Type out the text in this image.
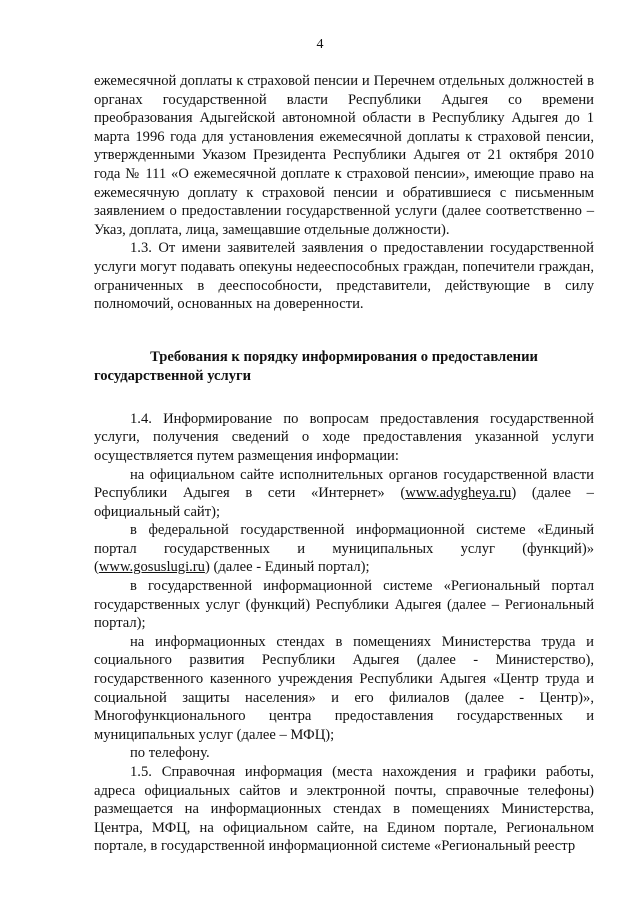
4

ежемесячной доплаты к страховой пенсии и Перечнем отдельных должностей в органах государственной власти Республики Адыгея со времени преобразования Адыгейской автономной области в Республику Адыгея до 1 марта 1996 года для установления ежемесячной доплаты к страховой пенсии, утвержденными Указом Президента Республики Адыгея от 21 октября 2010 года № 111 «О ежемесячной доплате к страховой пенсии», имеющие право на ежемесячную доплату к страховой пенсии и обратившиеся с письменным заявлением о предоставлении государственной услуги (далее соответственно – Указ, доплата, лица, замещавшие отдельные должности).

1.3. От имени заявителей заявления о предоставлении государственной услуги могут подавать опекуны недееспособных граждан, попечители граждан, ограниченных в дееспособности, представители, действующие в силу полномочий, основанных на доверенности.

Требования к порядку информирования о предоставлении государственной услуги

1.4. Информирование по вопросам предоставления государственной услуги, получения сведений о ходе предоставления указанной услуги осуществляется путем размещения информации:

на официальном сайте исполнительных органов государственной власти Республики Адыгея в сети «Интернет» (www.adygheya.ru) (далее – официальный сайт);

в федеральной государственной информационной системе «Единый портал государственных и муниципальных услуг (функций)» (www.gosuslugi.ru) (далее - Единый портал);

в государственной информационной системе «Региональный портал государственных услуг (функций) Республики Адыгея (далее – Региональный портал);

на информационных стендах в помещениях Министерства труда и социального развития Республики Адыгея (далее - Министерство), государственного казенного учреждения Республики Адыгея «Центр труда и социальной защиты населения» и его филиалов (далее - Центр)», Многофункционального центра предоставления государственных и муниципальных услуг (далее – МФЦ);

по телефону.

1.5. Справочная информация (места нахождения и графики работы, адреса официальных сайтов и электронной почты, справочные телефоны) размещается на информационных стендах в помещениях Министерства, Центра, МФЦ, на официальном сайте, на Едином портале, Региональном портале, в государственной информационной системе «Региональный реестр
